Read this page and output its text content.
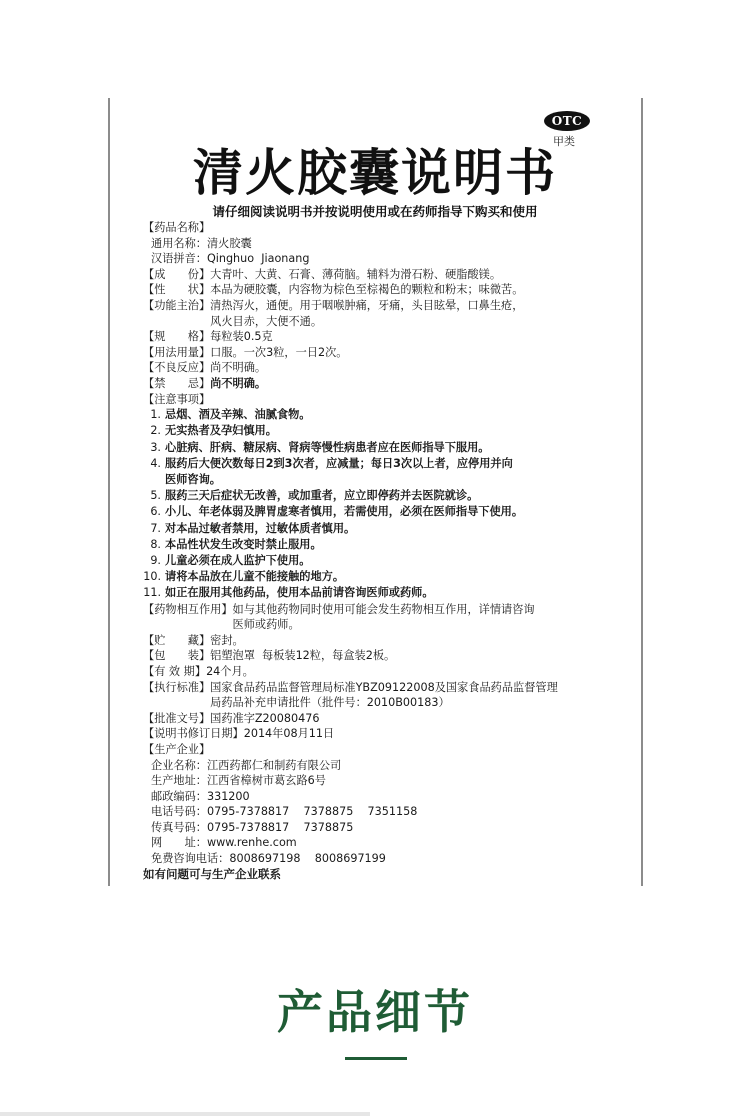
OTC
甲类
清火胶囊说明书
请仔细阅读说明书并按说明使用或在药师指导下购买和使用
【药品名称】
通用名称： 清火胶囊
汉语拼音： Qinghuo  Jiaonang
【成　　份】 大青叶、大黄、石膏、薄荷脑。辅料为滑石粉、硬脂酸镁。
【性　　状】 本品为硬胶囊，内容物为棕色至棕褐色的颗粒和粉末；味微苦。
【功能主治】 清热泻火，通便。用于咽喉肿痛，牙痛，头目眩晕，口鼻生疮，
风火目赤，大便不通。
【规　　格】 每粒装0.5克
【用法用量】 口服。一次3粒，一日2次。
【不良反应】 尚不明确。
【禁　　忌】 尚不明确。
【注意事项】
1. 忌烟、酒及辛辣、油腻食物。
2. 无实热者及孕妇慎用。
3. 心脏病、肝病、糖尿病、肾病等慢性病患者应在医师指导下服用。
4. 服药后大便次数每日2到3次者，应减量；每日3次以上者，应停用并向
医师咨询。
5. 服药三天后症状无改善，或加重者，应立即停药并去医院就诊。
6. 小儿、年老体弱及脾胃虚寒者慎用，若需使用，必须在医师指导下使用。
7. 对本品过敏者禁用，过敏体质者慎用。
8. 本品性状发生改变时禁止服用。
9. 儿童必须在成人监护下使用。
10. 请将本品放在儿童不能接触的地方。
11. 如正在服用其他药品，使用本品前请咨询医师或药师。
【药物相互作用】 如与其他药物同时使用可能会发生药物相互作用，详情请咨询
医师或药师。
【贮　　藏】 密封。
【包　　装】 铝塑泡罩  每板装12粒，每盒装2板。
【有 效 期】 24个月。
【执行标准】 国家食品药品监督管理局标准YBZ09122008及国家食品药品监督管理
局药品补充申请批件（批件号：2010B00183）
【批准文号】 国药准字Z20080476
【说明书修订日期】 2014年08月11日
【生产企业】
企业名称： 江西药都仁和制药有限公司
生产地址： 江西省樟树市葛玄路6号
邮政编码： 331200
电话号码： 0795-7378817    7378875    7351158
传真号码： 0795-7378817    7378875
网　　址： www.renhe.com
免费咨询电话： 8008697198    8008697199
如有问题可与生产企业联系
产品细节
